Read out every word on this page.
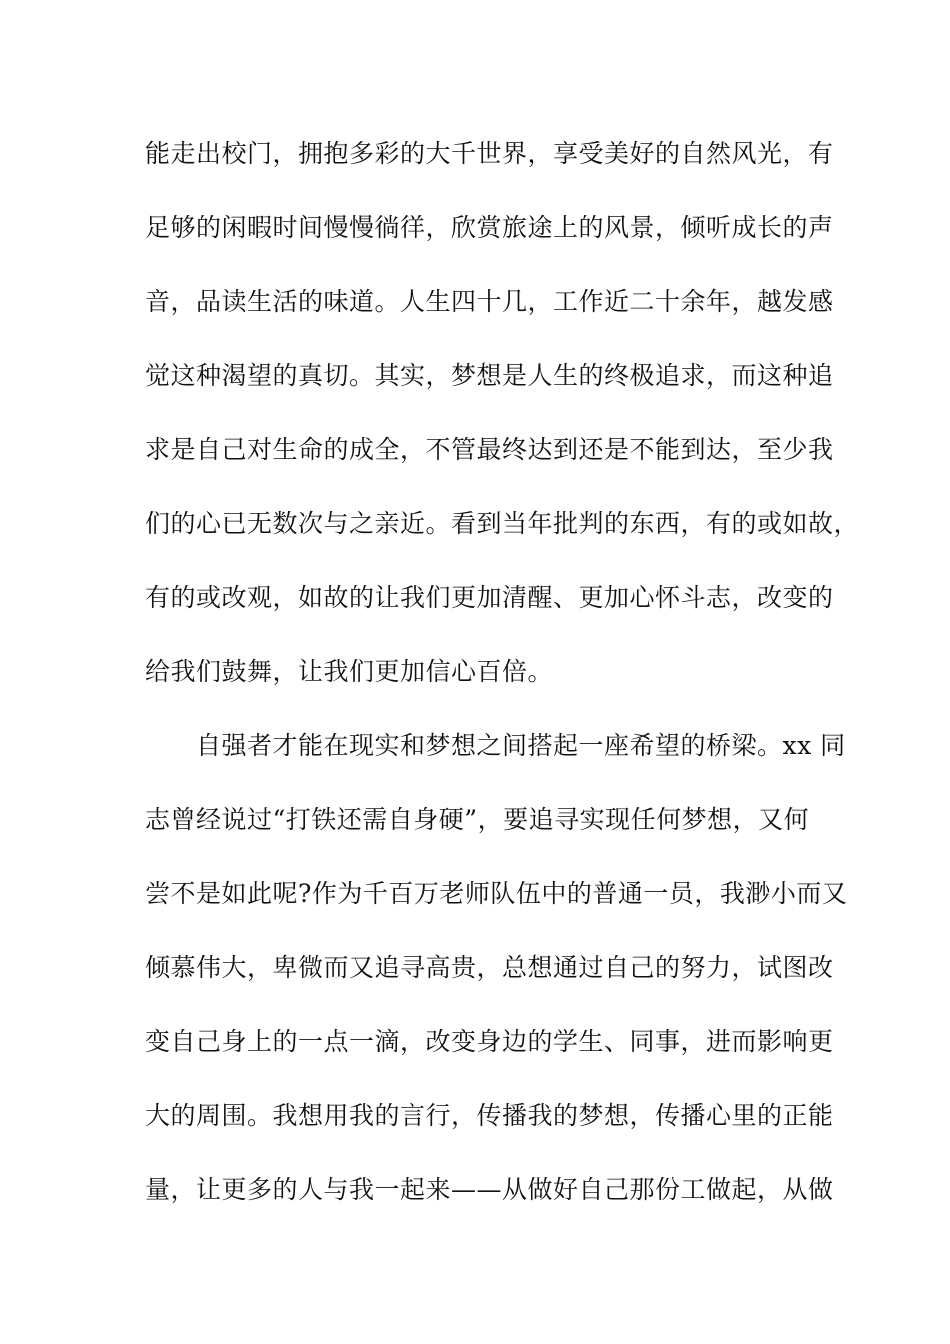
能走出校门，拥抱多彩的大千世界，享受美好的自然风光，有
足够的闲暇时间慢慢徜徉，欣赏旅途上的风景，倾听成长的声
音，品读生活的味道。人生四十几，工作近二十余年，越发感
觉这种渴望的真切。其实，梦想是人生的终极追求，而这种追
求是自己对生命的成全，不管最终达到还是不能到达，至少我
们的心已无数次与之亲近。看到当年批判的东西，有的或如故，
有的或改观，如故的让我们更加清醒、更加心怀斗志，改变的
给我们鼓舞，让我们更加信心百倍。
　　自强者才能在现实和梦想之间搭起一座希望的桥梁。xx 同
志曾经说过“打铁还需自身硬”，要追寻实现任何梦想，又何
尝不是如此呢?作为千百万老师队伍中的普通一员，我渺小而又
倾慕伟大，卑微而又追寻高贵，总想通过自己的努力，试图改
变自己身上的一点一滴，改变身边的学生、同事，进而影响更
大的周围。我想用我的言行，传播我的梦想，传播心里的正能
量，让更多的人与我一起来——从做好自己那份工做起，从做
